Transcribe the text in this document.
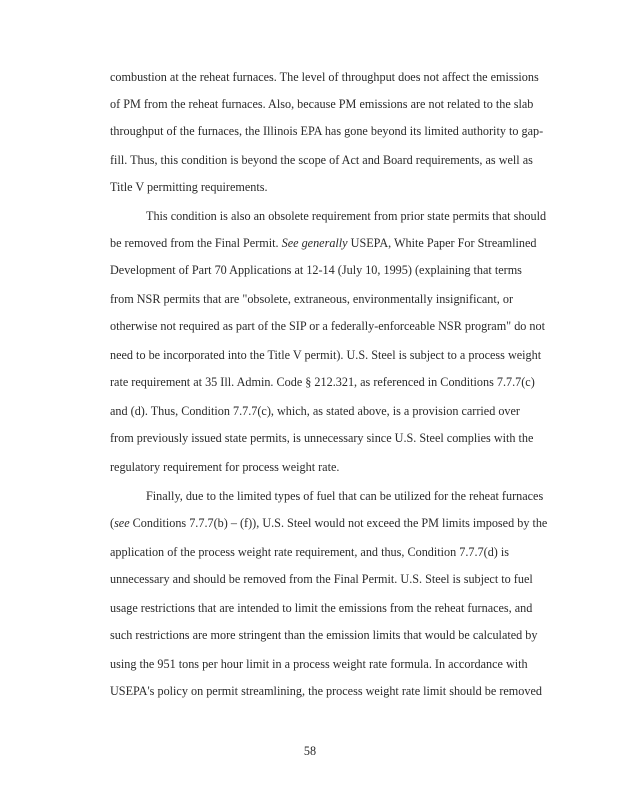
combustion at the reheat furnaces. The level of throughput does not affect the emissions
of PM from the reheat furnaces. Also, because PM emissions are not related to the slab
throughput of the furnaces, the Illinois EPA has gone beyond its limited authority to gap-
fill. Thus, this condition is beyond the scope of Act and Board requirements, as well as
Title V permitting requirements.
This condition is also an obsolete requirement from prior state permits that should
be removed from the Final Permit. See generally USEPA, White Paper For Streamlined
Development of Part 70 Applications at 12-14 (July 10, 1995) (explaining that terms
from NSR permits that are "obsolete, extraneous, environmentally insignificant, or
otherwise not required as part of the SIP or a federally-enforceable NSR program" do not
need to be incorporated into the Title V permit). U.S. Steel is subject to a process weight
rate requirement at 35 Ill. Admin. Code § 212.321, as referenced in Conditions 7.7.7(c)
and (d). Thus, Condition 7.7.7(c), which, as stated above, is a provision carried over
from previously issued state permits, is unnecessary since U.S. Steel complies with the
regulatory requirement for process weight rate.
Finally, due to the limited types of fuel that can be utilized for the reheat furnaces
(see Conditions 7.7.7(b) – (f)), U.S. Steel would not exceed the PM limits imposed by the
application of the process weight rate requirement, and thus, Condition 7.7.7(d) is
unnecessary and should be removed from the Final Permit. U.S. Steel is subject to fuel
usage restrictions that are intended to limit the emissions from the reheat furnaces, and
such restrictions are more stringent than the emission limits that would be calculated by
using the 951 tons per hour limit in a process weight rate formula. In accordance with
USEPA's policy on permit streamlining, the process weight rate limit should be removed
58
